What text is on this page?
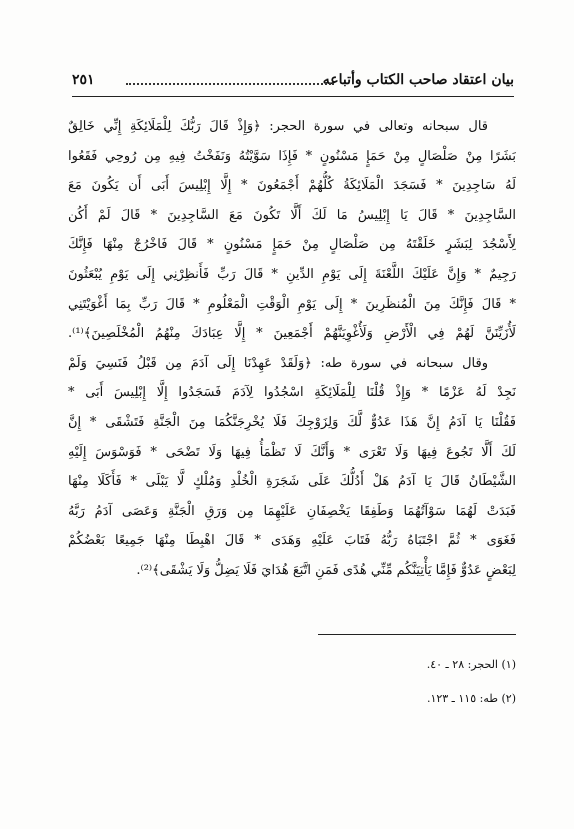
بيان اعتقاد صاحب الكتاب وأتباعه
٢٥١
قال سبحانه وتعالى في سورة الحجر: ﴿وَإِذْ قَالَ رَبُّكَ لِلْمَلَائِكَةِ إِنِّي خَالِقٌ
بَشَرًا مِنْ صَلْصَالٍ مِنْ حَمَإٍ مَسْنُونٍ * فَإِذَا سَوَّيْتُهُ وَنَفَخْتُ فِيهِ مِن رُوحِي فَقَعُوا
لَهُ سَاجِدِينَ * فَسَجَدَ الْمَلَائِكَةُ كُلُّهُمْ أَجْمَعُونَ * إِلَّا إِبْلِيسَ أَبَى أَن يَكُونَ مَعَ
السَّاجِدِينَ * قَالَ يَا إِبْلِيسُ مَا لَكَ أَلَّا تَكُونَ مَعَ السَّاجِدِينَ * قَالَ لَمْ أَكُن
لِأَسْجُدَ لِبَشَرٍ خَلَقْتَهُ مِن صَلْصَالٍ مِنْ حَمَإٍ مَسْنُونٍ * قَالَ فَاخْرُجْ مِنْهَا فَإِنَّكَ
رَجِيمٌ * وَإِنَّ عَلَيْكَ اللَّعْنَةَ إِلَى يَوْمِ الدِّينِ * قَالَ رَبِّ فَأَنظِرْنِي إِلَى يَوْمِ يُبْعَثُونَ
* قَالَ فَإِنَّكَ مِنَ الْمُنظَرِينَ * إِلَى يَوْمِ الْوَقْتِ الْمَعْلُومِ * قَالَ رَبِّ بِمَا أَغْوَيْتَنِي
لَأُزَيِّنَنَّ لَهُمْ فِي الْأَرْضِ وَلَأُغْوِيَنَّهُمْ أَجْمَعِينَ * إِلَّا عِبَادَكَ مِنْهُمُ الْمُخْلَصِينَ﴾⁽¹⁾.
وقال سبحانه في سورة طه: ﴿وَلَقَدْ عَهِدْنَا إِلَى آدَمَ مِن قَبْلُ فَنَسِيَ وَلَمْ
نَجِدْ لَهُ عَزْمًا * وَإِذْ قُلْنَا لِلْمَلَائِكَةِ اسْجُدُوا لِآدَمَ فَسَجَدُوا إِلَّا إِبْلِيسَ أَبَى *
فَقُلْنَا يَا آدَمُ إِنَّ هَذَا عَدُوٌّ لَّكَ وَلِزَوْجِكَ فَلَا يُخْرِجَنَّكُمَا مِنَ الْجَنَّةِ فَتَشْقَى * إِنَّ
لَكَ أَلَّا تَجُوعَ فِيهَا وَلَا تَعْرَى * وَأَنَّكَ لَا تَظْمَأُ فِيهَا وَلَا تَضْحَى * فَوَسْوَسَ إِلَيْهِ
الشَّيْطَانُ قَالَ يَا آدَمُ هَلْ أَدُلُّكَ عَلَى شَجَرَةِ الْخُلْدِ وَمُلْكٍ لَّا يَبْلَى * فَأَكَلَا مِنْهَا
فَبَدَتْ لَهُمَا سَوْآتُهُمَا وَطَفِقَا يَخْصِفَانِ عَلَيْهِمَا مِن وَرَقِ الْجَنَّةِ وَعَصَى آدَمُ رَبَّهُ
فَغَوَى * ثُمَّ اجْتَبَاهُ رَبُّهُ فَتَابَ عَلَيْهِ وَهَدَى * قَالَ اهْبِطَا مِنْهَا جَمِيعًا بَعْضُكُمْ
لِبَعْضٍ عَدُوٌّ فَإِمَّا يَأْتِيَنَّكُم مِّنِّي هُدًى فَمَنِ اتَّبَعَ هُدَايَ فَلَا يَضِلُّ وَلَا يَشْقَى﴾⁽²⁾.
(١) الحجر: ٢٨ ـ ٤٠.
(٢) طه: ١١٥ ـ ١٢٣.
